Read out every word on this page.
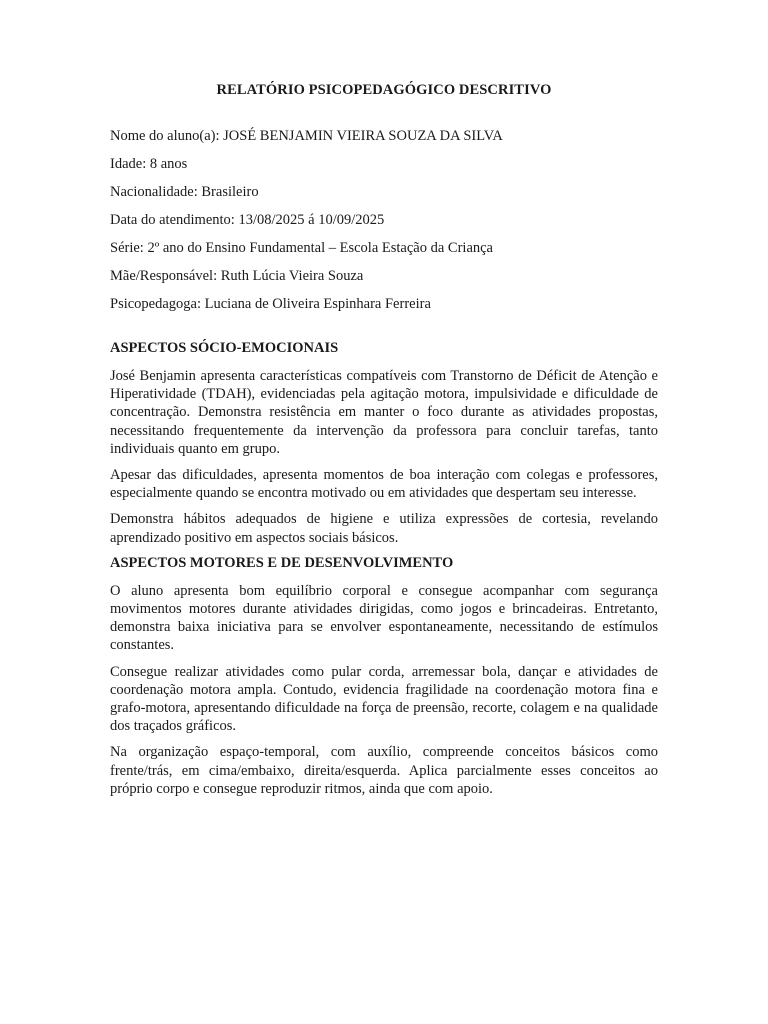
RELATÓRIO PSICOPEDAGÓGICO DESCRITIVO
Nome do aluno(a): JOSÉ BENJAMIN VIEIRA SOUZA DA SILVA
Idade: 8 anos
Nacionalidade: Brasileiro
Data do atendimento: 13/08/2025 á 10/09/2025
Série: 2º ano do Ensino Fundamental – Escola Estação da Criança
Mãe/Responsável: Ruth Lúcia Vieira Souza
Psicopedagoga: Luciana de Oliveira Espinhara Ferreira
ASPECTOS SÓCIO-EMOCIONAIS

José Benjamin apresenta características compatíveis com Transtorno de Déficit de Atenção e Hiperatividade (TDAH), evidenciadas pela agitação motora, impulsividade e dificuldade de concentração. Demonstra resistência em manter o foco durante as atividades propostas, necessitando frequentemente da intervenção da professora para concluir tarefas, tanto individuais quanto em grupo.

Apesar das dificuldades, apresenta momentos de boa interação com colegas e professores, especialmente quando se encontra motivado ou em atividades que despertam seu interesse.

Demonstra hábitos adequados de higiene e utiliza expressões de cortesia, revelando aprendizado positivo em aspectos sociais básicos.

ASPECTOS MOTORES E DE DESENVOLVIMENTO

O aluno apresenta bom equilíbrio corporal e consegue acompanhar com segurança movimentos motores durante atividades dirigidas, como jogos e brincadeiras. Entretanto, demonstra baixa iniciativa para se envolver espontaneamente, necessitando de estímulos constantes.

Consegue realizar atividades como pular corda, arremessar bola, dançar e atividades de coordenação motora ampla. Contudo, evidencia fragilidade na coordenação motora fina e grafo-motora, apresentando dificuldade na força de preensão, recorte, colagem e na qualidade dos traçados gráficos.

Na organização espaço-temporal, com auxílio, compreende conceitos básicos como frente/trás, em cima/embaixo, direita/esquerda. Aplica parcialmente esses conceitos ao próprio corpo e consegue reproduzir ritmos, ainda que com apoio.
